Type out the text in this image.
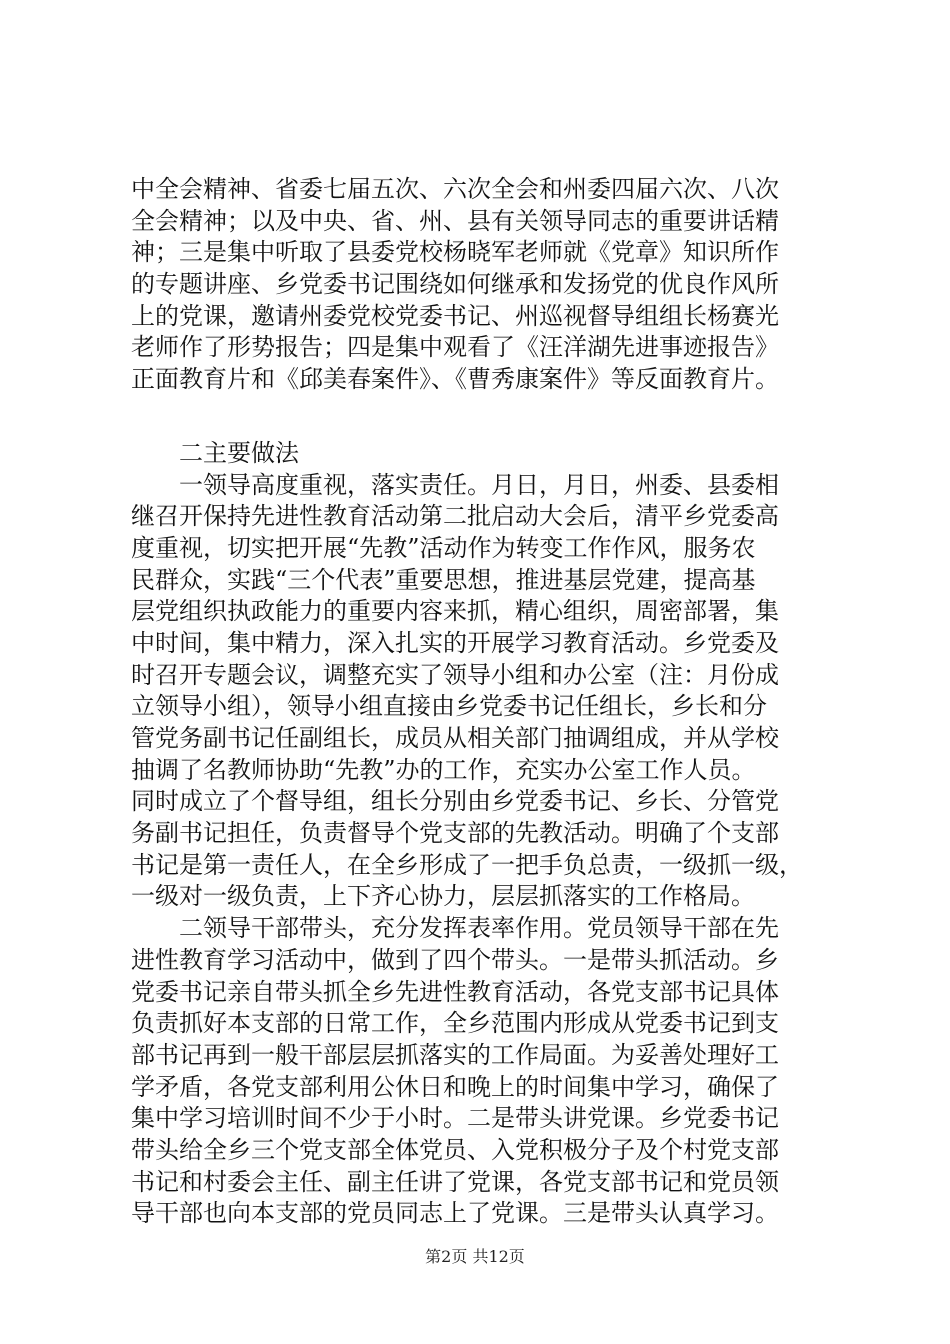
中全会精神、省委七届五次、六次全会和州委四届六次、八次
全会精神；以及中央、省、州、县有关领导同志的重要讲话精
神；三是集中听取了县委党校杨晓军老师就《党章》知识所作
的专题讲座、乡党委书记围绕如何继承和发扬党的优良作风所
上的党课，邀请州委党校党委书记、州巡视督导组组长杨赛光
老师作了形势报告；四是集中观看了《汪洋湖先进事迹报告》
正面教育片和《邱美春案件》、《曹秀康案件》等反面教育片。
二主要做法
一领导高度重视，落实责任。月日，月日，州委、县委相
继召开保持先进性教育活动第二批启动大会后，清平乡党委高
度重视，切实把开展“先教”活动作为转变工作作风，服务农
民群众，实践“三个代表”重要思想，推进基层党建，提高基
层党组织执政能力的重要内容来抓，精心组织，周密部署，集
中时间，集中精力，深入扎实的开展学习教育活动。乡党委及
时召开专题会议，调整充实了领导小组和办公室（注：月份成
立领导小组），领导小组直接由乡党委书记任组长，乡长和分
管党务副书记任副组长，成员从相关部门抽调组成，并从学校
抽调了名教师协助“先教”办的工作，充实办公室工作人员。
同时成立了个督导组，组长分别由乡党委书记、乡长、分管党
务副书记担任，负责督导个党支部的先教活动。明确了个支部
书记是第一责任人，在全乡形成了一把手负总责，一级抓一级，
一级对一级负责，上下齐心协力，层层抓落实的工作格局。
二领导干部带头，充分发挥表率作用。党员领导干部在先
进性教育学习活动中，做到了四个带头。一是带头抓活动。乡
党委书记亲自带头抓全乡先进性教育活动，各党支部书记具体
负责抓好本支部的日常工作，全乡范围内形成从党委书记到支
部书记再到一般干部层层抓落实的工作局面。为妥善处理好工
学矛盾，各党支部利用公休日和晚上的时间集中学习，确保了
集中学习培训时间不少于小时。二是带头讲党课。乡党委书记
带头给全乡三个党支部全体党员、入党积极分子及个村党支部
书记和村委会主任、副主任讲了党课，各党支部书记和党员领
导干部也向本支部的党员同志上了党课。三是带头认真学习。
第2页 共12页
